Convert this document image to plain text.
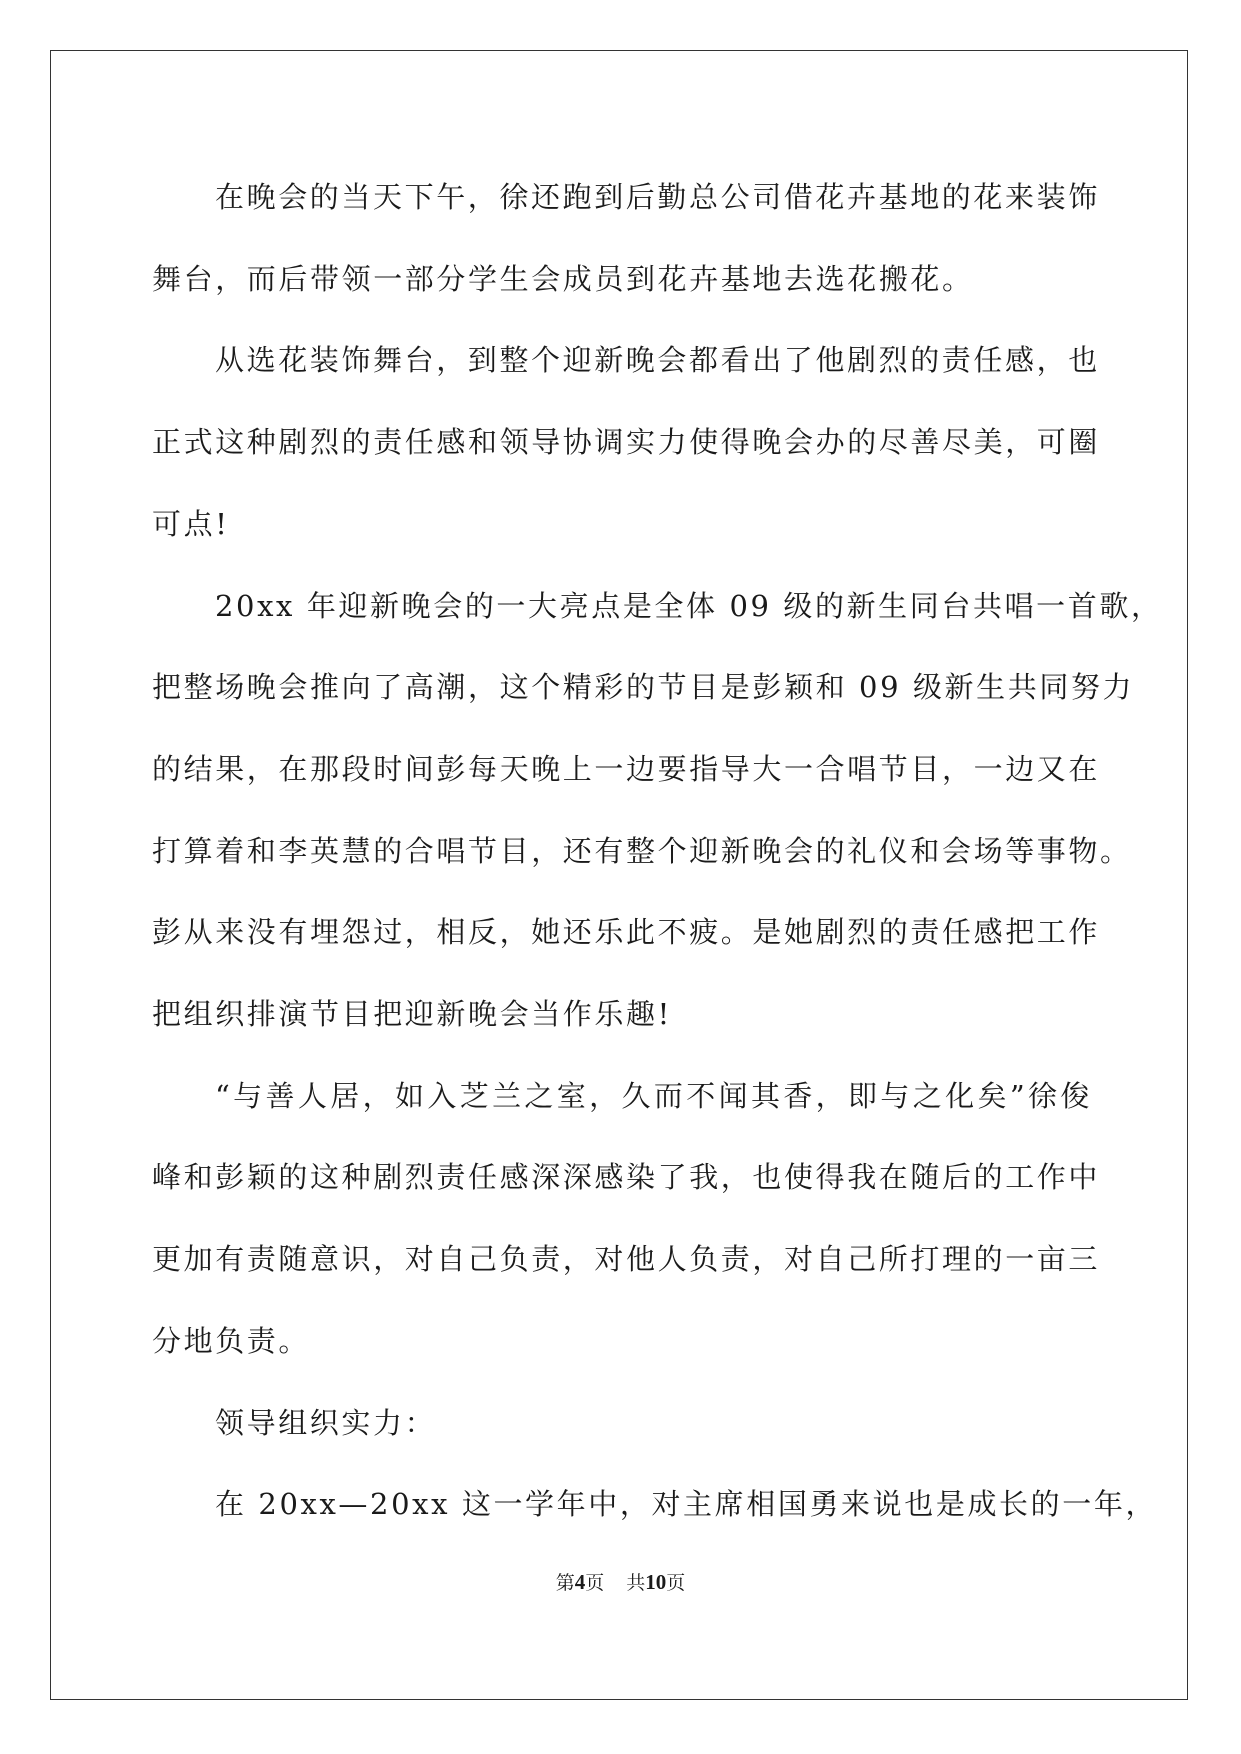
在晚会的当天下午，徐还跑到后勤总公司借花卉基地的花来装饰
舞台，而后带领一部分学生会成员到花卉基地去选花搬花。
从选花装饰舞台，到整个迎新晚会都看出了他剧烈的责任感，也
正式这种剧烈的责任感和领导协调实力使得晚会办的尽善尽美，可圈
可点!
20xx 年迎新晚会的一大亮点是全体 09 级的新生同台共唱一首歌，
把整场晚会推向了高潮，这个精彩的节目是彭颖和 09 级新生共同努力
的结果，在那段时间彭每天晚上一边要指导大一合唱节目，一边又在
打算着和李英慧的合唱节目，还有整个迎新晚会的礼仪和会场等事物。
彭从来没有埋怨过，相反，她还乐此不疲。是她剧烈的责任感把工作
把组织排演节目把迎新晚会当作乐趣!
“与善人居，如入芝兰之室，久而不闻其香，即与之化矣”徐俊
峰和彭颖的这种剧烈责任感深深感染了我，也使得我在随后的工作中
更加有责随意识，对自己负责，对他人负责，对自己所打理的一亩三
分地负责。
领导组织实力：
在 20xx—20xx 这一学年中，对主席相国勇来说也是成长的一年，
第4页 共10页
